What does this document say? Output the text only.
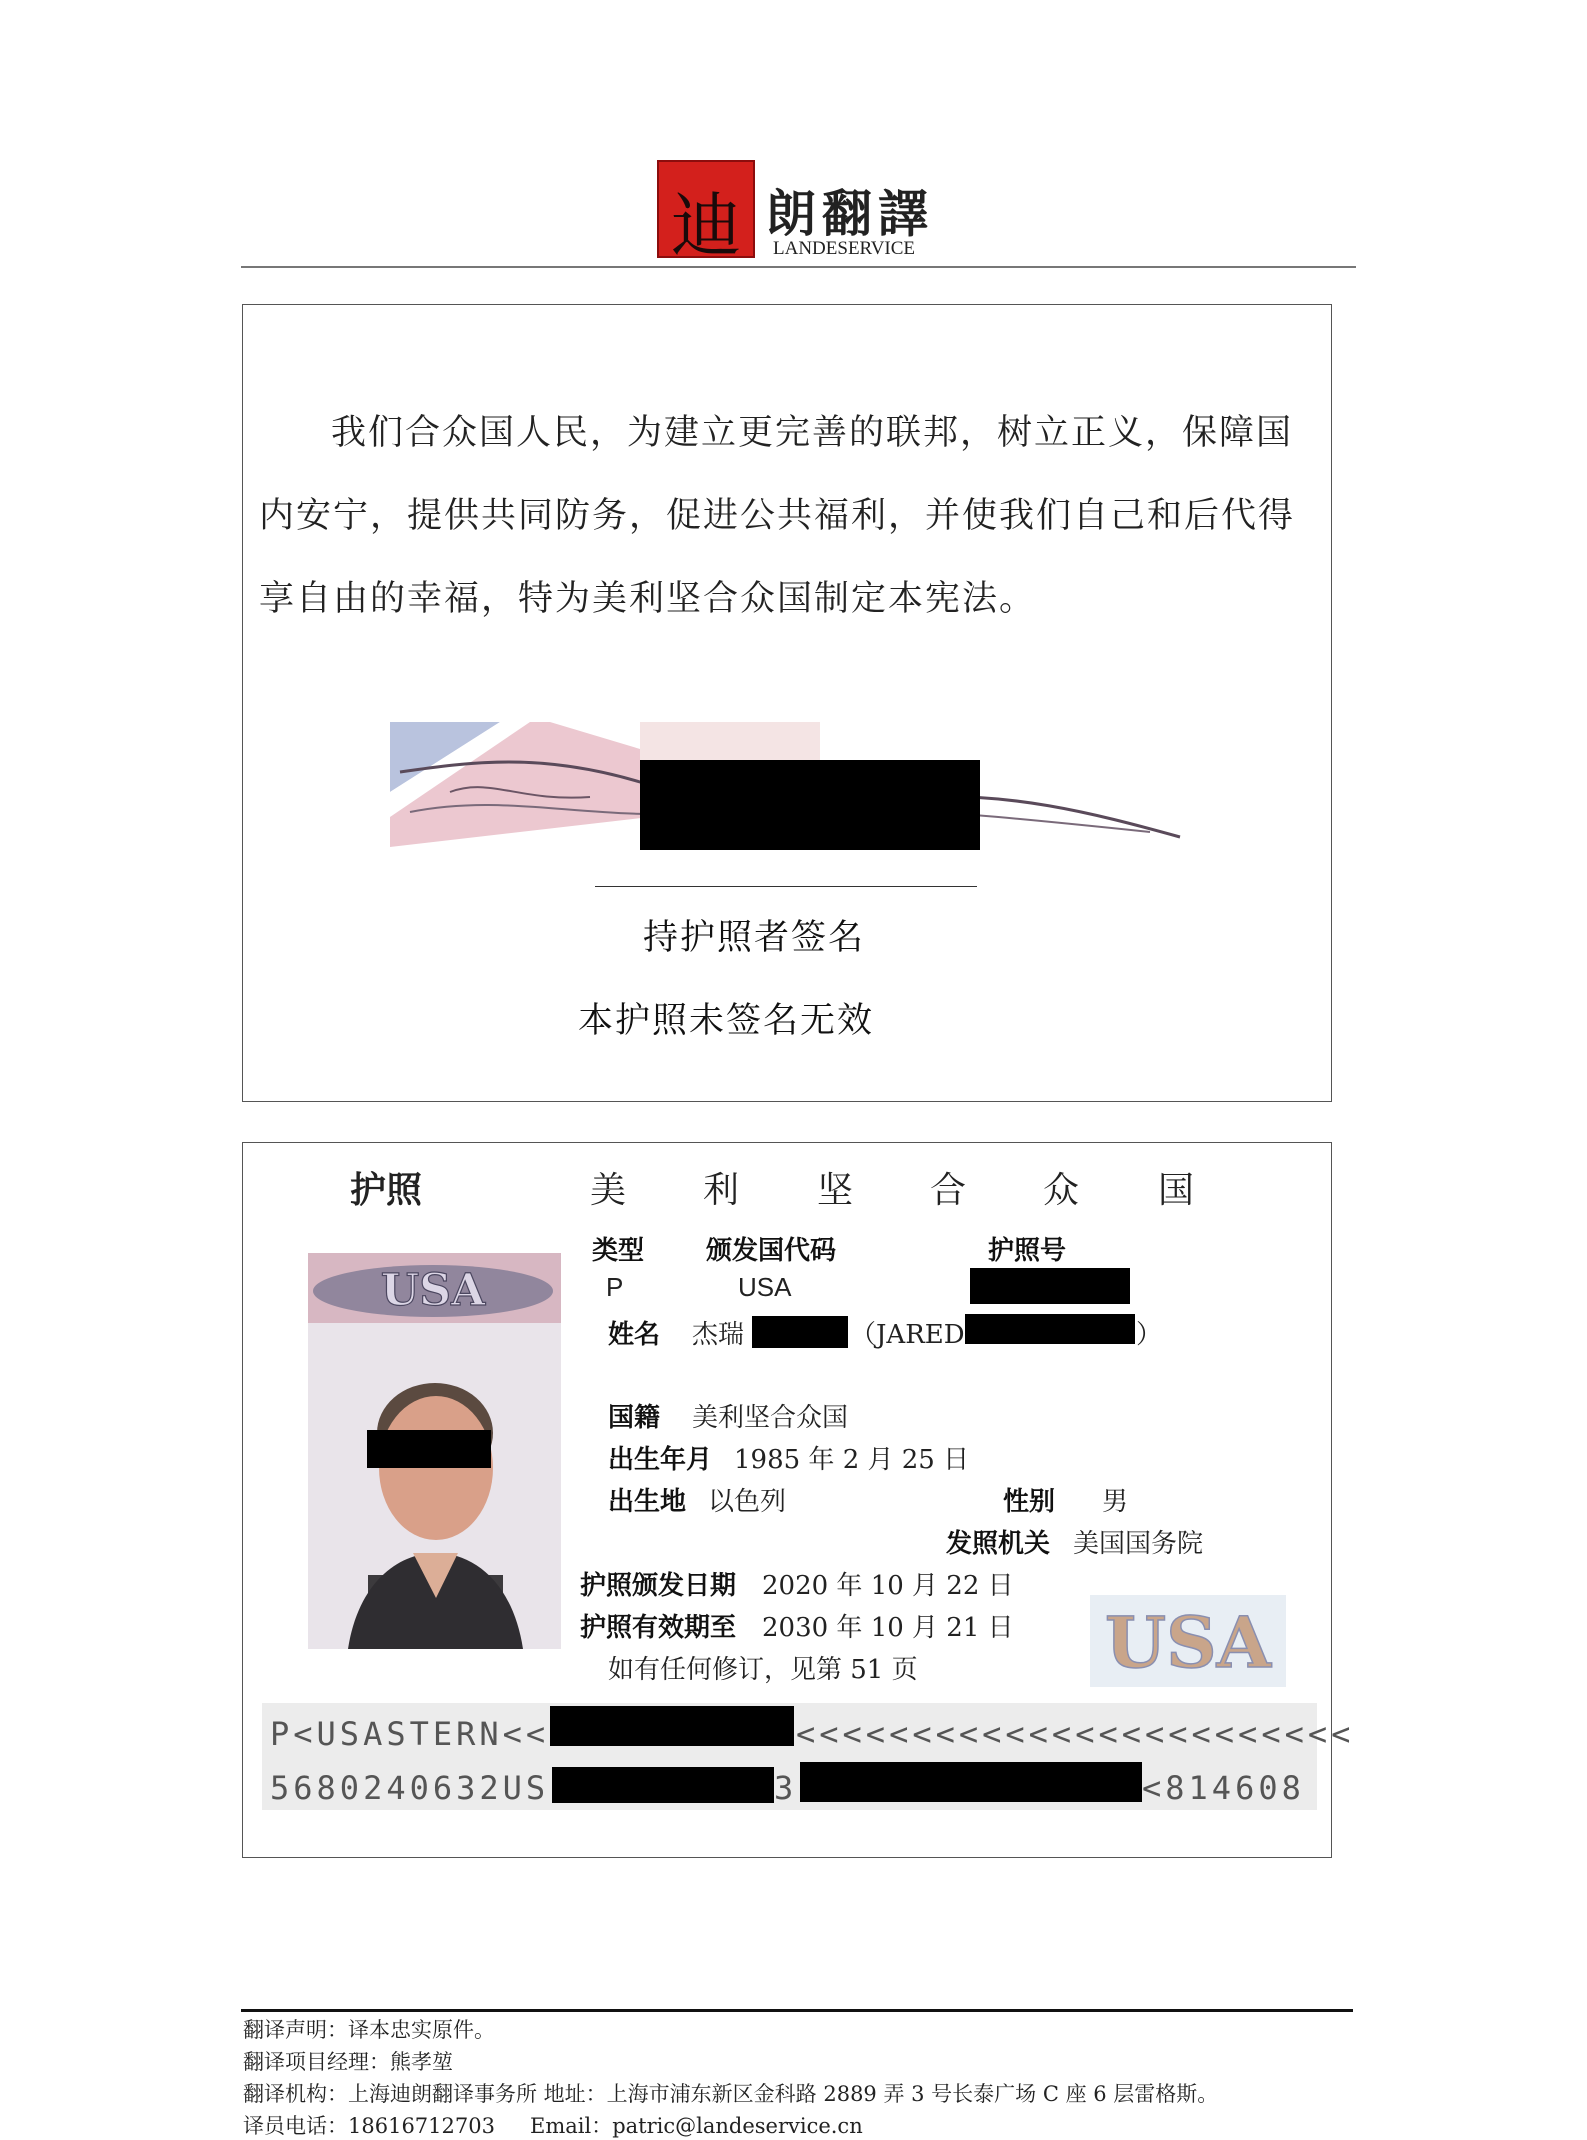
迪 朗翻譯
LANDESERVICE
我们合众国人民，为建立更完善的联邦，树立正义，保障国
内安宁，提供共同防务，促进公共福利，并使我们自己和后代得
享自由的幸福，特为美利坚合众国制定本宪法。
持护照者签名
本护照未签名无效
护照	美 利 坚 合 众 国
USA
类型 颁发国代码	护照号
P	USA
姓名 杰瑞	（JARED	）
国籍 美利坚合众国
出生年月 1985 年 2 月 25 日
出生地 以色列	性别 男
发照机关 美国国务院
护照颁发日期 2020 年 10 月 22 日
护照有效期至 2030 年 10 月 21 日
如有任何修订，见第 51 页	USA
P<USASTERN<<	<<<<<<<<<<<<<<<<<<<<<<<<
5680240632US	3	<814608
翻译声明：译本忠实原件。
翻译项目经理：熊孝堃
翻译机构：上海迪朗翻译事务所 地址：上海市浦东新区金科路 2889 弄 3 号长泰广场 C 座 6 层雷格斯。
译员电话：18616712703 Email：patric@landeservice.cn
